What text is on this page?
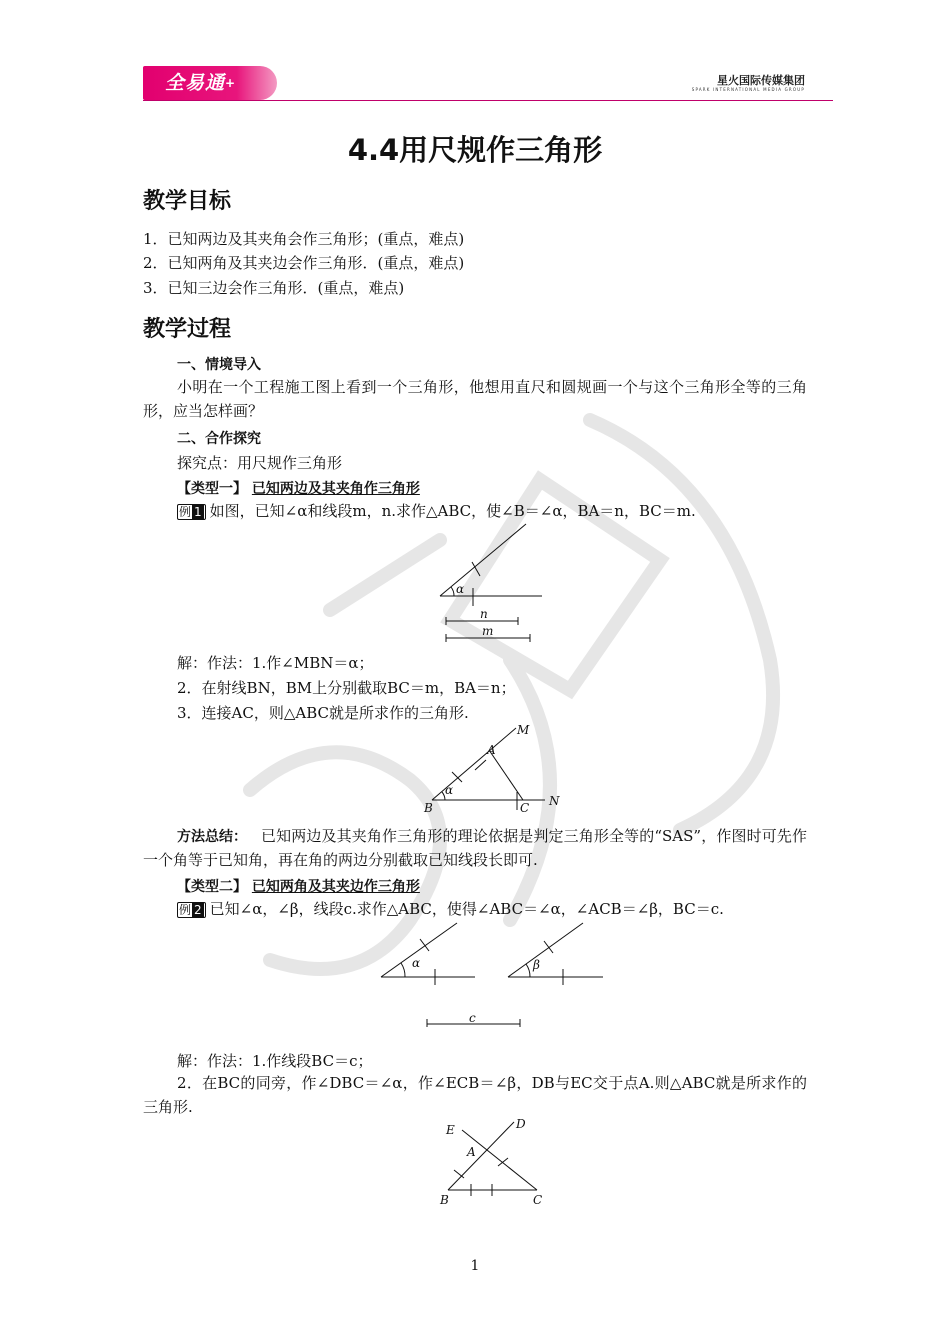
全易通+	星火国际传媒集团
SPARK INTERNATIONAL MEDIA GROUP
4.4用尺规作三角形
教学目标
1．已知两边及其夹角会作三角形；(重点，难点)
2．已知两角及其夹边会作三角形．(重点，难点)
3．已知三边会作三角形．(重点，难点)
教学过程
一、情境导入
小明在一个工程施工图上看到一个三角形，他想用直尺和圆规画一个与这个三角形全等的三角形，应当怎样画？
二、合作探究
探究点：用尺规作三角形
【类型一】 已知两边及其夹角作三角形
例 1 如图，已知∠α和线段m，n.求作△ABC，使∠B＝∠α，BA＝n，BC＝m.
α
n
m
解：作法：1.作∠MBN＝α；
2．在射线BN，BM上分别截取BC＝m，BA＝n；
3．连接AC，则△ABC就是所求作的三角形.
M
A
α
B	C N
方法总结： 已知两边及其夹角作三角形的理论依据是判定三角形全等的“SAS”，作图时可先作一个角等于已知角，再在角的两边分别截取已知线段长即可.
【类型二】 已知两角及其夹边作三角形
例 2 已知∠α，∠β，线段c.求作△ABC，使得∠ABC＝∠α，∠ACB＝∠β，BC＝c.
α	β
c
解：作法：1.作线段BC＝c；
2．在BC的同旁，作∠DBC＝∠α，作∠ECB＝∠β，DB与EC交于点A.则△ABC就是所求作的三角形.
E	D
A
B	C
1
